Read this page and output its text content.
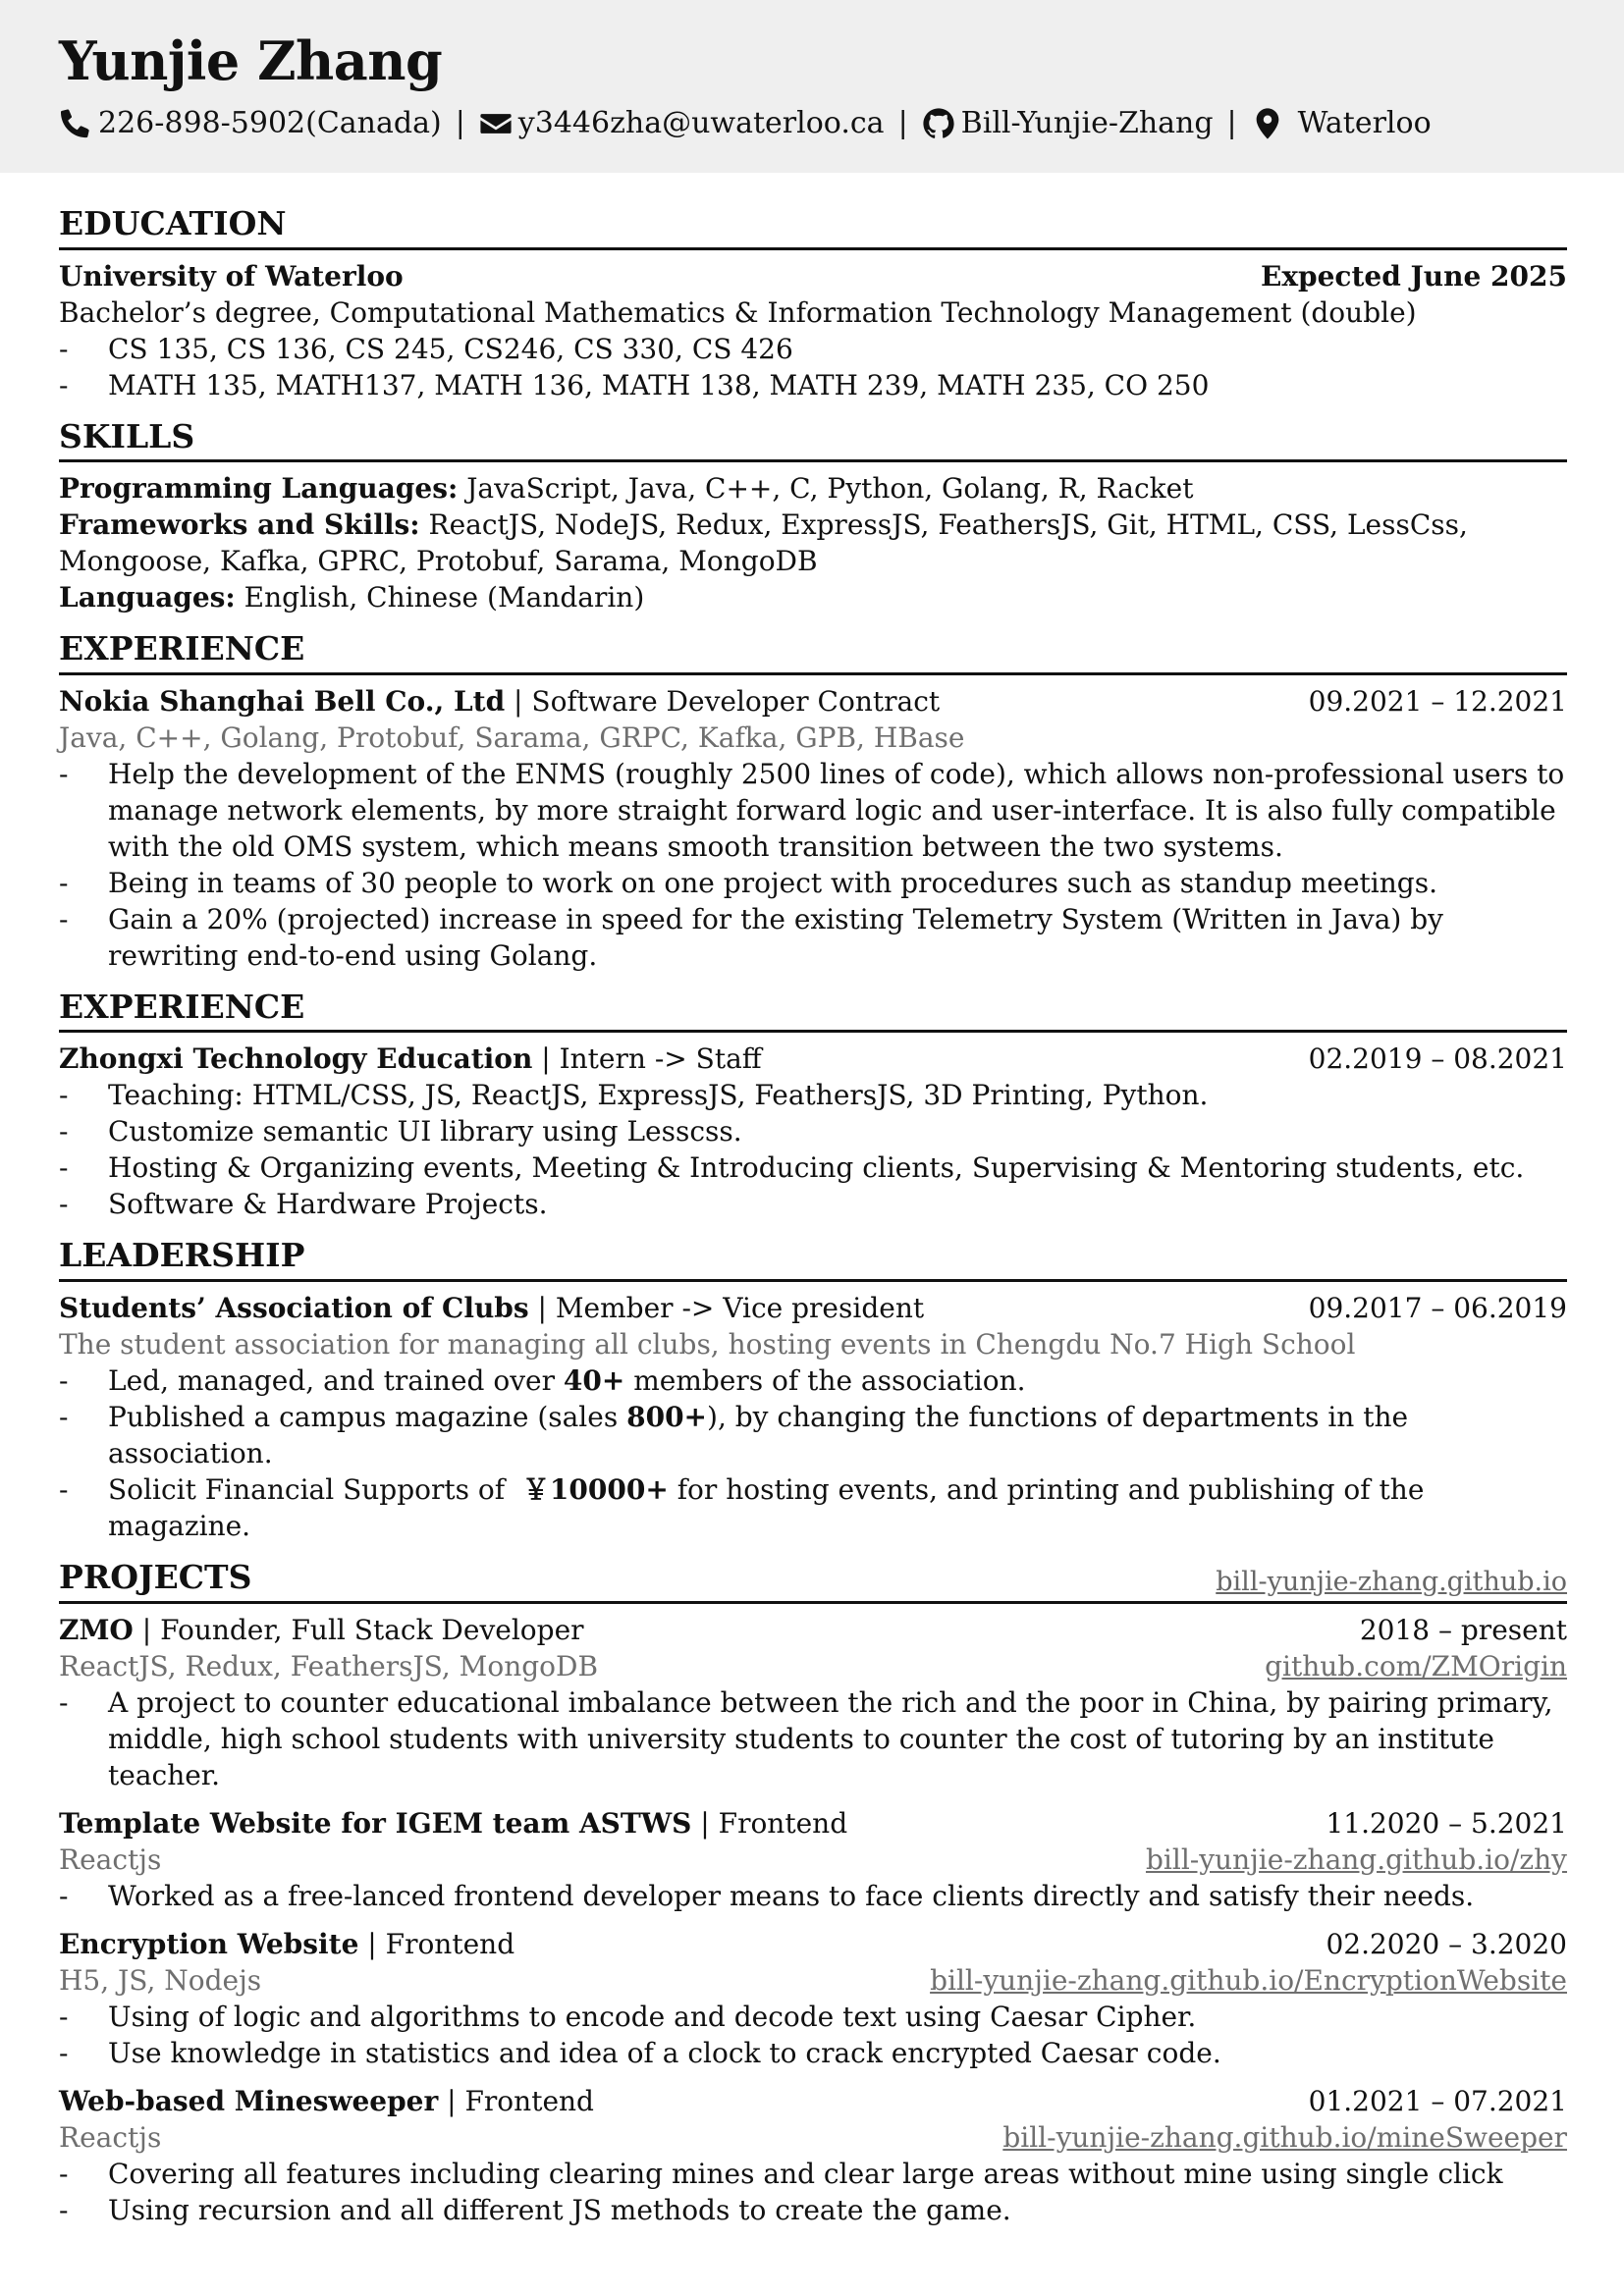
Yunjie Zhang
226-898-5902(Canada) | y3446zha@uwaterloo.ca | Bill-Yunjie-Zhang | Waterloo
EDUCATION
University of Waterloo	Expected June 2025
Bachelor’s degree, Computational Mathematics & Information Technology Management (double)
- CS 135, CS 136, CS 245, CS246, CS 330, CS 426
- MATH 135, MATH137, MATH 136, MATH 138, MATH 239, MATH 235, CO 250
SKILLS
Programming Languages: JavaScript, Java, C++, C, Python, Golang, R, Racket
Frameworks and Skills: ReactJS, NodeJS, Redux, ExpressJS, FeathersJS, Git, HTML, CSS, LessCss, Mongoose, Kafka, GPRC, Protobuf, Sarama, MongoDB
Languages: English, Chinese (Mandarin)
EXPERIENCE
Nokia Shanghai Bell Co., Ltd | Software Developer Contract	09.2021 – 12.2021
Java, C++, Golang, Protobuf, Sarama, GRPC, Kafka, GPB, HBase
- Help the development of the ENMS (roughly 2500 lines of code), which allows non-professional users to manage network elements, by more straight forward logic and user-interface. It is also fully compatible with the old OMS system, which means smooth transition between the two systems.
- Being in teams of 30 people to work on one project with procedures such as standup meetings.
- Gain a 20% (projected) increase in speed for the existing Telemetry System (Written in Java) by rewriting end-to-end using Golang.
EXPERIENCE
Zhongxi Technology Education | Intern -> Staff	02.2019 – 08.2021
- Teaching: HTML/CSS, JS, ReactJS, ExpressJS, FeathersJS, 3D Printing, Python.
- Customize semantic UI library using Lesscss.
- Hosting & Organizing events, Meeting & Introducing clients, Supervising & Mentoring students, etc.
- Software & Hardware Projects.
LEADERSHIP
Students’ Association of Clubs | Member -> Vice president	09.2017 – 06.2019
The student association for managing all clubs, hosting events in Chengdu No.7 High School
- Led, managed, and trained over 40+ members of the association.
- Published a campus magazine (sales 800+), by changing the functions of departments in the association.
- Solicit Financial Supports of  ￥10000+ for hosting events, and printing and publishing of the magazine.
PROJECTS	bill-yunjie-zhang.github.io
ZMO | Founder, Full Stack Developer	2018 – present
ReactJS, Redux, FeathersJS, MongoDB	github.com/ZMOrigin
- A project to counter educational imbalance between the rich and the poor in China, by pairing primary, middle, high school students with university students to counter the cost of tutoring by an institute teacher.
Template Website for IGEM team ASTWS | Frontend	11.2020 – 5.2021
Reactjs	bill-yunjie-zhang.github.io/zhy
- Worked as a free-lanced frontend developer means to face clients directly and satisfy their needs.
Encryption Website | Frontend	02.2020 – 3.2020
H5, JS, Nodejs	bill-yunjie-zhang.github.io/EncryptionWebsite
- Using of logic and algorithms to encode and decode text using Caesar Cipher.
- Use knowledge in statistics and idea of a clock to crack encrypted Caesar code.
Web-based Minesweeper | Frontend	01.2021 – 07.2021
Reactjs	bill-yunjie-zhang.github.io/mineSweeper
- Covering all features including clearing mines and clear large areas without mine using single click
- Using recursion and all different JS methods to create the game.
